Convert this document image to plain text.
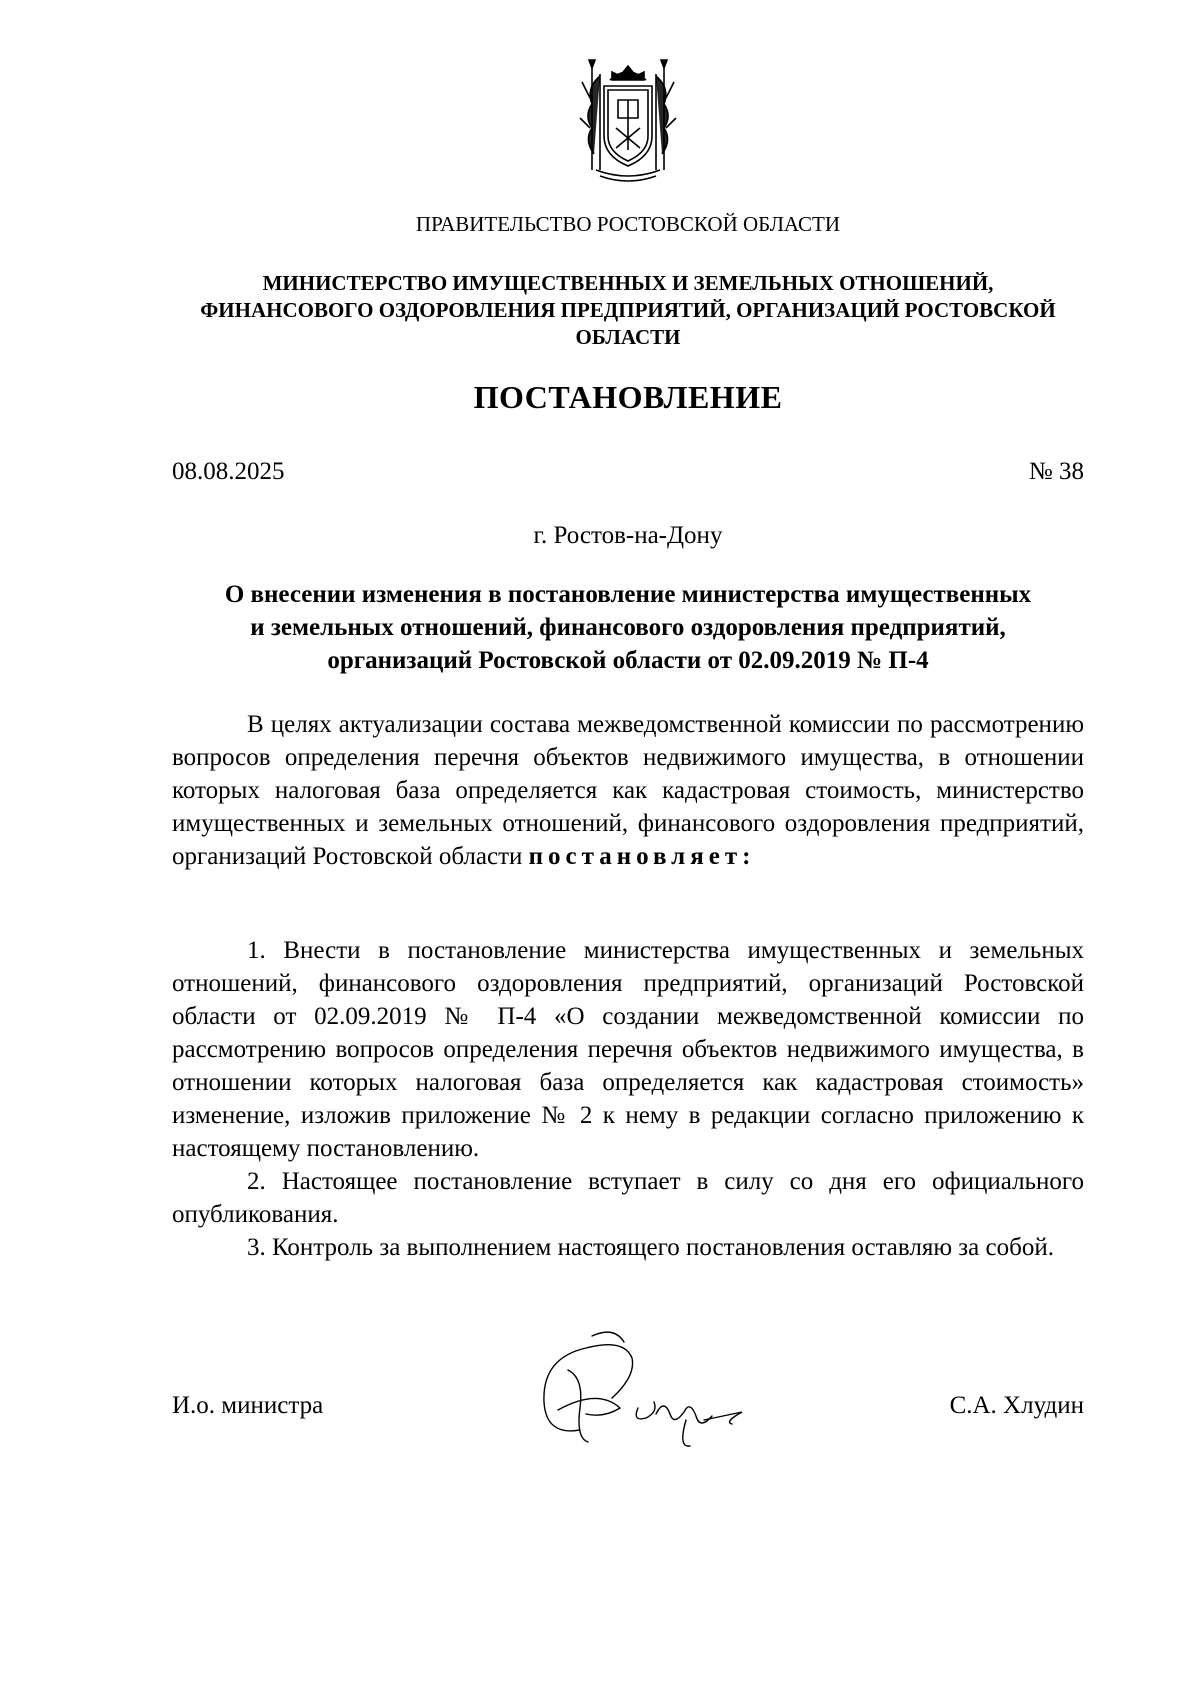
ПРАВИТЕЛЬСТВО РОСТОВСКОЙ ОБЛАСТИ
МИНИСТЕРСТВО ИМУЩЕСТВЕННЫХ И ЗЕМЕЛЬНЫХ ОТНОШЕНИЙ,
ФИНАНСОВОГО ОЗДОРОВЛЕНИЯ ПРЕДПРИЯТИЙ, ОРГАНИЗАЦИЙ РОСТОВСКОЙ
ОБЛАСТИ
ПОСТАНОВЛЕНИЕ
08.08.2025	№ 38
г. Ростов-на-Дону
О внесении изменения в постановление министерства имущественных
и земельных отношений, финансового оздоровления предприятий,
организаций Ростовской области от 02.09.2019 № П-4

В целях актуализации состава межведомственной комиссии по рассмотрению вопросов определения перечня объектов недвижимого имущества, в отношении которых налоговая база определяется как кадастровая стоимость, министерство имущественных и земельных отношений, финансового оздоровления предприятий, организаций Ростовской области постановляет:

1. Внести в постановление министерства имущественных и земельных отношений, финансового оздоровления предприятий, организаций Ростовской области от 02.09.2019 № П-4 «О создании межведомственной комиссии по рассмотрению вопросов определения перечня объектов недвижимого имущества, в отношении которых налоговая база определяется как кадастровая стоимость» изменение, изложив приложение № 2 к нему в редакции согласно приложению к настоящему постановлению.

2. Настоящее постановление вступает в силу со дня его официального опубликования.

3. Контроль за выполнением настоящего постановления оставляю за собой.

И.о. министра	С.А. Хлудин
